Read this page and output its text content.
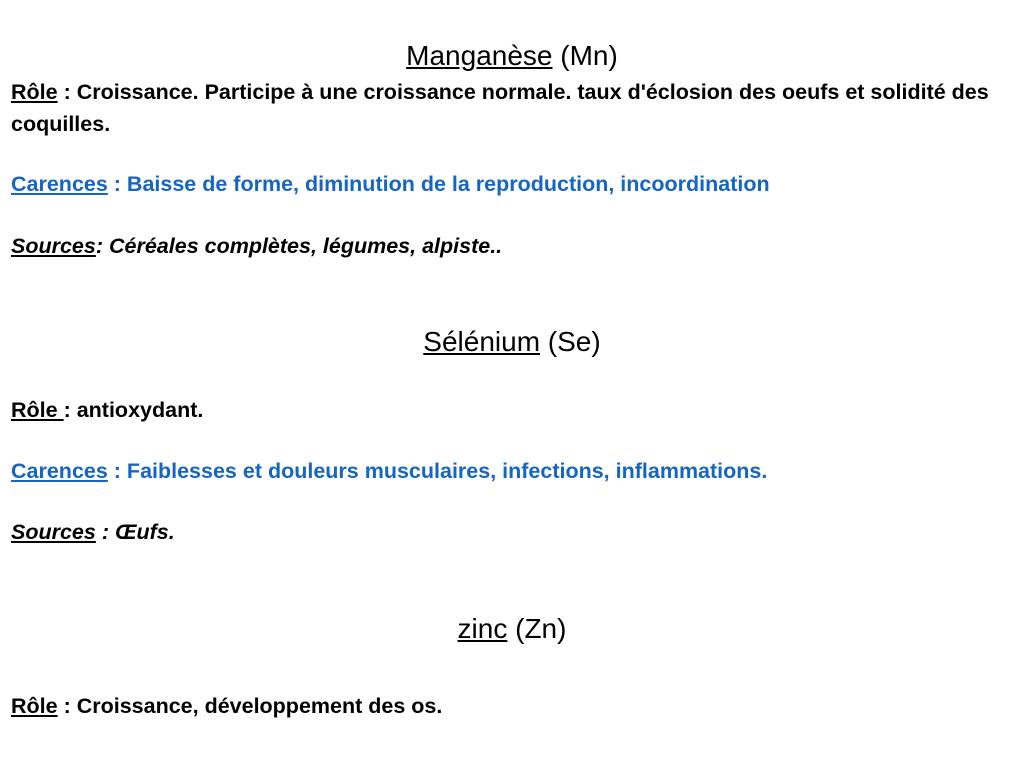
Manganèse (Mn)
Rôle : Croissance. Participe à une croissance normale. taux d'éclosion des oeufs et solidité des coquilles.
Carences : Baisse de forme, diminution de la reproduction, incoordination
Sources: Céréales complètes, légumes, alpiste..
Sélénium (Se)
Rôle : antioxydant.
Carences : Faiblesses et douleurs musculaires, infections, inflammations.
Sources : Œufs.
zinc (Zn)
Rôle : Croissance, développement des os.
